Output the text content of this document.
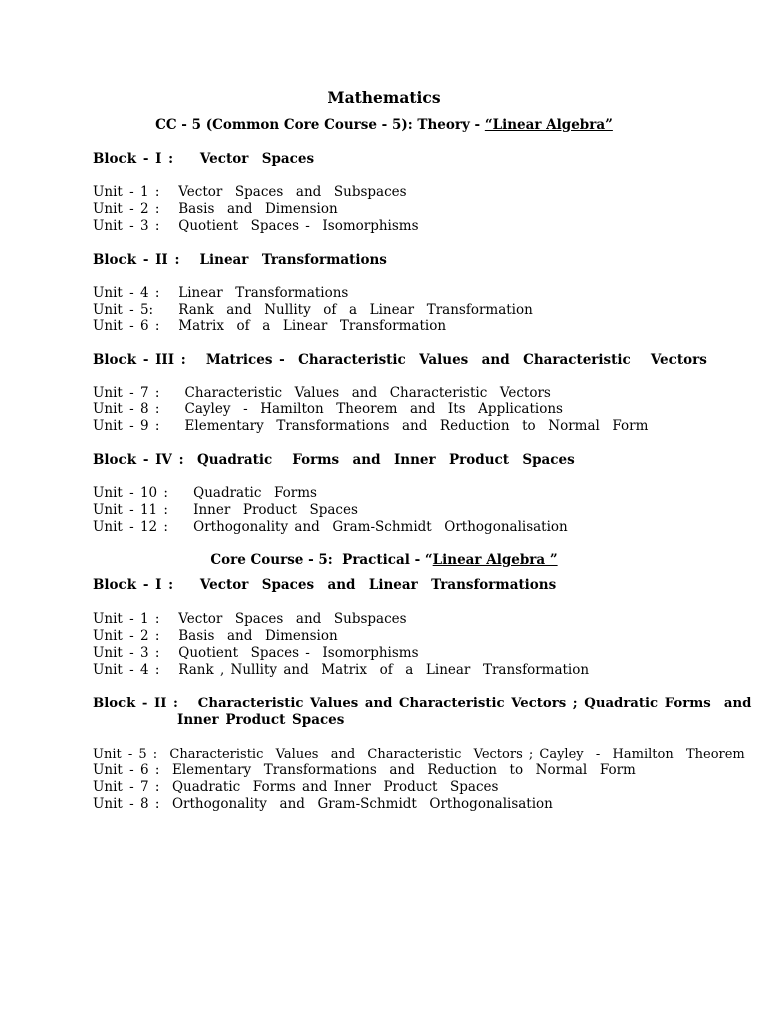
Mathematics
CC - 5 (Common Core Course - 5): Theory - “Linear Algebra”
Block - I :    Vector  Spaces
Unit - 1 :   Vector  Spaces  and  Subspaces
Unit - 2 :   Basis  and  Dimension
Unit - 3 :   Quotient  Spaces -  Isomorphisms
Block - II :   Linear  Transformations
Unit - 4 :   Linear  Transformations
Unit - 5:    Rank  and  Nullity  of  a  Linear  Transformation
Unit - 6 :   Matrix  of  a  Linear  Transformation
Block - III :   Matrices -  Characteristic  Values  and  Characteristic   Vectors
Unit - 7 :    Characteristic  Values  and  Characteristic  Vectors
Unit - 8 :    Cayley  -  Hamilton  Theorem  and  Its  Applications
Unit - 9 :    Elementary  Transformations  and  Reduction  to  Normal  Form
Block - IV :  Quadratic   Forms  and  Inner  Product  Spaces
Unit - 10 :    Quadratic  Forms
Unit - 11 :    Inner  Product  Spaces
Unit - 12 :    Orthogonality and  Gram-Schmidt  Orthogonalisation
Core Course - 5:  Practical - “Linear Algebra ”
Block - I :    Vector  Spaces  and  Linear  Transformations
Unit - 1 :   Vector  Spaces  and  Subspaces
Unit - 2 :   Basis  and  Dimension
Unit - 3 :   Quotient  Spaces -  Isomorphisms
Unit - 4 :   Rank , Nullity and  Matrix  of  a  Linear  Transformation
Block - II :   Characteristic Values and Characteristic Vectors ; Quadratic Forms  and
Inner Product Spaces
Unit - 5 :  Characteristic  Values  and  Characteristic  Vectors ; Cayley  -  Hamilton  Theorem
Unit - 6 :  Elementary  Transformations  and  Reduction  to  Normal  Form
Unit - 7 :  Quadratic  Forms and Inner  Product  Spaces
Unit - 8 :  Orthogonality  and  Gram-Schmidt  Orthogonalisation
